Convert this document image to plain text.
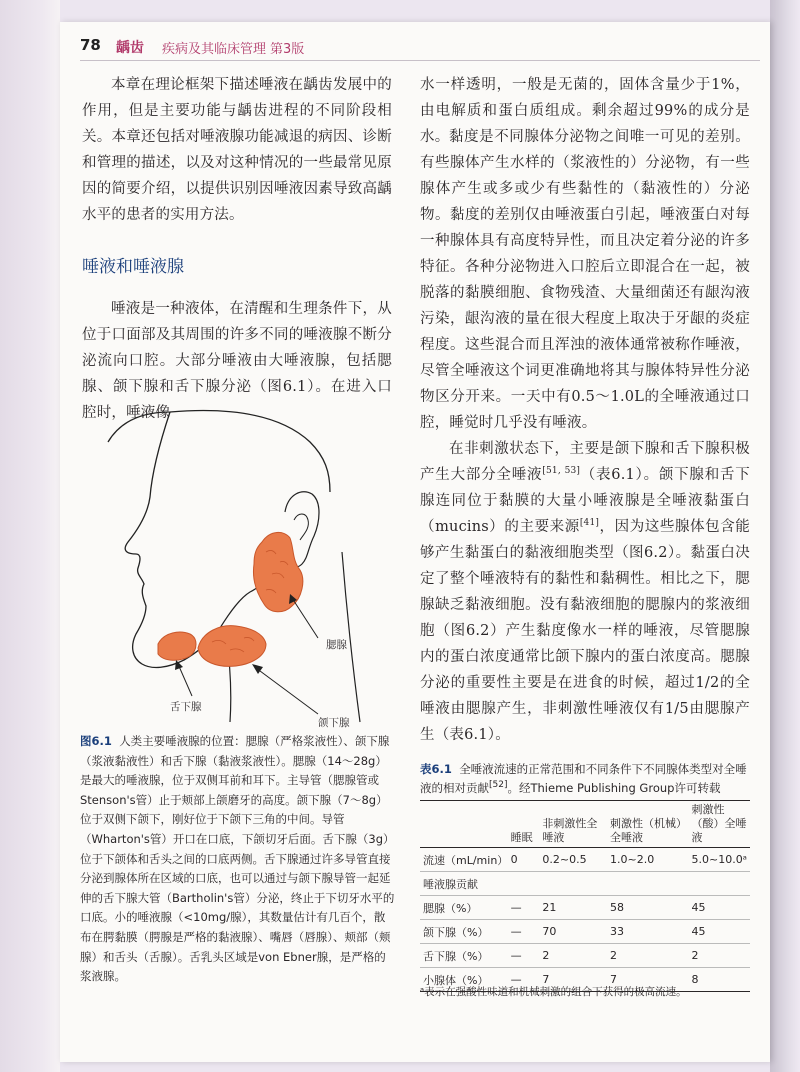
78 龋齿 疾病及其临床管理 第3版

本章在理论框架下描述唾液在龋齿发展中的作用，但是主要功能与龋齿进程的不同阶段相关。本章还包括对唾液腺功能减退的病因、诊断和管理的描述，以及对这种情况的一些最常见原因的简要介绍，以提供识别因唾液因素导致高龋水平的患者的实用方法。

唾液和唾液腺

唾液是一种液体，在清醒和生理条件下，从位于口面部及其周围的许多不同的唾液腺不断分泌流向口腔。大部分唾液由大唾液腺，包括腮腺、颌下腺和舌下腺分泌（图6.1）。在进入口腔时，唾液像

腮腺
舌下腺
颌下腺

图6.1 人类主要唾液腺的位置：腮腺（严格浆液性）、颌下腺（浆液黏液性）和舌下腺（黏液浆液性）。腮腺（14～28g）是最大的唾液腺，位于双侧耳前和耳下。主导管（腮腺管或Stenson's管）止于颊部上颌磨牙的高度。颌下腺（7～8g）位于双侧下颌下，刚好位于下颌下三角的中间。导管（Wharton's管）开口在口底，下颌切牙后面。舌下腺（3g）位于下颌体和舌头之间的口底两侧。舌下腺通过许多导管直接分泌到腺体所在区域的口底，也可以通过与颌下腺导管一起延伸的舌下腺大管（Bartholin's管）分泌，终止于下切牙水平的口底。小的唾液腺（<10mg/腺），其数量估计有几百个，散布在腭黏膜（腭腺是严格的黏液腺）、嘴唇（唇腺）、颊部（颊腺）和舌头（舌腺）。舌乳头区域是von Ebner腺，是严格的浆液腺。

水一样透明，一般是无菌的，固体含量少于1%，由电解质和蛋白质组成。剩余超过99%的成分是水。 黏度是不同腺体分泌物之间唯一可见的差别。有些腺体产生水样的（浆液性的）分泌物，有一些腺体产生或多或少有些黏性的（黏液性的）分泌物。黏度的差别仅由唾液蛋白引起，唾液蛋白对每一种腺体具有高度特异性，而且决定着分泌的许多特征。各种分泌物进入口腔后立即混合在一起，被脱落的黏膜细胞、食物残渣、大量细菌还有龈沟液污染，龈沟液的量在很大程度上取决于牙龈的炎症程度。这些混合而且浑浊的液体通常被称作唾液，尽管全唾液这个词更准确地将其与腺体特异性分泌物区分开来。一天中有0.5～1.0L的全唾液通过口腔，睡觉时几乎没有唾液。

在非刺激状态下，主要是颌下腺和舌下腺积极产生大部分全唾液[51, 53]（表6.1）。颌下腺和舌下腺连同位于黏膜的大量小唾液腺是全唾液黏蛋白（mucins）的主要来源[41]，因为这些腺体包含能够产生黏蛋白的黏液细胞类型（图6.2）。黏蛋白决定了整个唾液特有的黏性和黏稠性。相比之下，腮腺缺乏黏液细胞。没有黏液细胞的腮腺内的浆液细胞（图6.2）产生黏度像水一样的唾液，尽管腮腺内的蛋白浓度通常比颌下腺内的蛋白浓度高。腮腺分泌的重要性主要是在进食的时候，超过1/2的全唾液由腮腺产生，非刺激性唾液仅有1/5由腮腺产生（表6.1）。

表6.1 全唾液流速的正常范围和不同条件下不同腺体类型对全唾液的相对贡献[52]。经Thieme Publishing Group许可转载

	睡眠	非刺激性全唾液	刺激性（机械）全唾液	刺激性（酸）全唾液
流速（mL/min）	0	0.2~0.5	1.0~2.0	5.0~10.0ᵃ
唾液腺贡献				
腮腺（%）	—	21	58	45
颌下腺（%）	—	70	33	45
舌下腺（%）	—	2	2	2
小腺体（%）	—	7	7	8

ᵃ表示在强酸性味道和机械刺激的组合下获得的极高流速。
